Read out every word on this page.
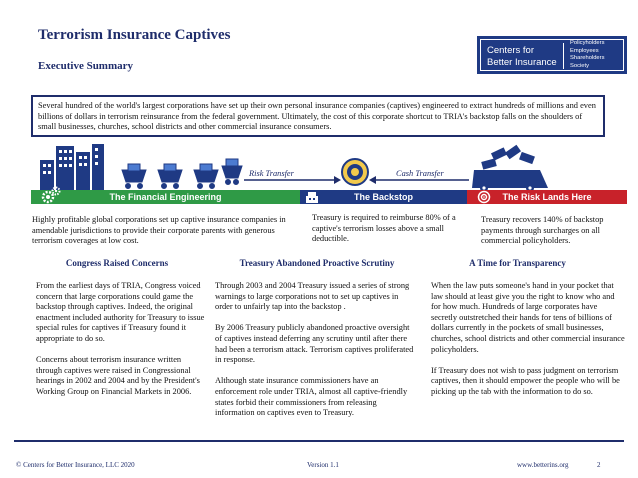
Terrorism Insurance Captives
Executive Summary
Centers for
Better Insurance
Policyholders
Employees
Shareholders
Society
Several hundred of the world's largest corporations have set up their own personal insurance companies (captives) engineered to extract hundreds of millions and even billions of dollars in terrorism reinsurance from the federal government. Ultimately, the cost of this corporate shortcut to TRIA's backstop falls on the shoulders of small businesses, churches, school districts and other commercial insurance consumers.
Risk Transfer	Cash Transfer
The Financial Engineering	The Backstop	The Risk Lands Here
Highly profitable global corporations set up captive insurance companies in amendable jurisdictions to provide their corporate parents with generous terrorism coverages at low cost.
Treasury is required to reimburse 80% of a captive's terrorism losses above a small deductible.
Treasury recovers 140% of backstop payments through surcharges on all commercial policyholders.
Congress Raised Concerns	Treasury Abandoned Proactive Scrutiny	A Time for Transparency

From the earliest days of TRIA, Congress voiced concern that large corporations could game the backstop through captives. Indeed, the original enactment included authority for Treasury to issue special rules for captives if Treasury found it appropriate to do so.

Concerns about terrorism insurance written through captives were raised in Congressional hearings in 2002 and 2004 and by the President's Working Group on Financial Markets in 2006.

Through 2003 and 2004 Treasury issued a series of strong warnings to large corporations not to set up captives in order to unfairly tap into the backstop .

By 2006 Treasury publicly abandoned proactive oversight of captives instead deferring any scrutiny until after there had been a terrorism attack. Terrorism captives proliferated in response.

Although state insurance commissioners have an enforcement role under TRIA, almost all captive-friendly states forbid their commissioners from releasing information on captives even to Treasury.

When the law puts someone's hand in your pocket that law should at least give you the right to know who and for how much. Hundreds of large corporates have secretly outstretched their hands for tens of billions of dollars currently in the pockets of small businesses, churches, school districts and other commercial insurance policyholders.

If Treasury does not wish to pass judgment on terrorism captives, then it should empower the people who will be picking up the tab with the information to do so.

© Centers for Better Insurance, LLC 2020	Version 1.1	www.betterins.org	2
